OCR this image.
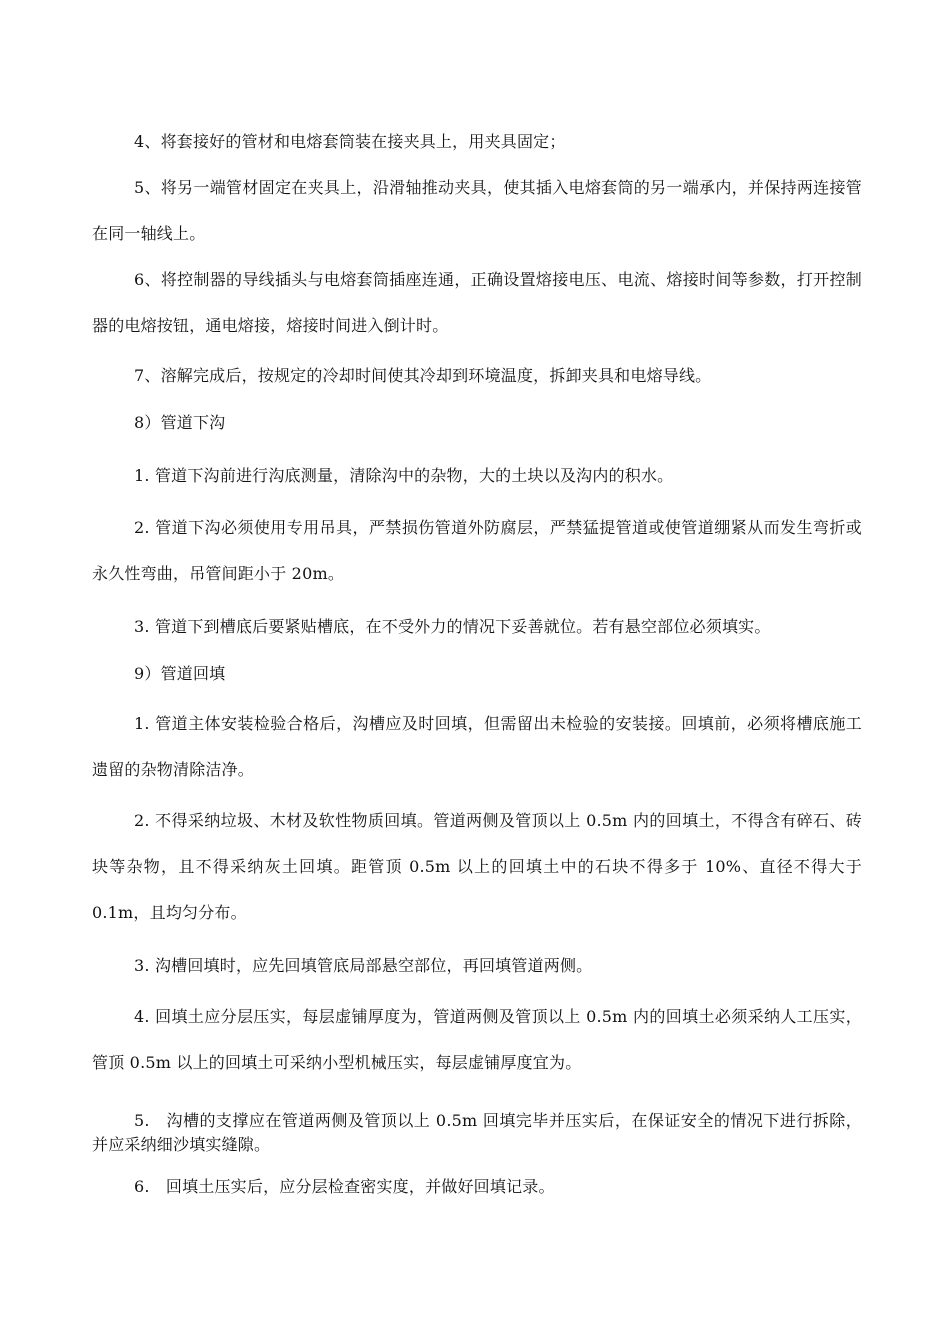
4、将套接好的管材和电熔套筒装在接夹具上，用夹具固定；

5、将另一端管材固定在夹具上，沿滑轴推动夹具，使其插入电熔套筒的另一端承内，并保持两连接管在同一轴线上。

6、将控制器的导线插头与电熔套筒插座连通，正确设置熔接电压、电流、熔接时间等参数，打开控制器的电熔按钮，通电熔接，熔接时间进入倒计时。

7、溶解完成后，按规定的冷却时间使其冷却到环境温度，拆卸夹具和电熔导线。

8）管道下沟

1. 管道下沟前进行沟底测量，清除沟中的杂物，大的土块以及沟内的积水。

2. 管道下沟必须使用专用吊具，严禁损伤管道外防腐层，严禁猛提管道或使管道绷紧从而发生弯折或永久性弯曲，吊管间距小于 20m。

3. 管道下到槽底后要紧贴槽底，在不受外力的情况下妥善就位。若有悬空部位必须填实。

9）管道回填

1. 管道主体安装检验合格后，沟槽应及时回填，但需留出未检验的安装接。回填前，必须将槽底施工遗留的杂物清除洁净。

2. 不得采纳垃圾、木材及软性物质回填。管道两侧及管顶以上 0.5m 内的回填土，不得含有碎石、砖块等杂物，且不得采纳灰土回填。距管顶 0.5m 以上的回填土中的石块不得多于 10%、直径不得大于 0.1m，且均匀分布。

3. 沟槽回填时，应先回填管底局部悬空部位，再回填管道两侧。

4. 回填土应分层压实，每层虚铺厚度为，管道两侧及管顶以上 0.5m 内的回填土必须采纳人工压实，管顶 0.5m 以上的回填土可采纳小型机械压实，每层虚铺厚度宜为。

5.　沟槽的支撑应在管道两侧及管顶以上 0.5m 回填完毕并压实后，在保证安全的情况下进行拆除，并应采纳细沙填实缝隙。

6.　回填土压实后，应分层检查密实度，并做好回填记录。
